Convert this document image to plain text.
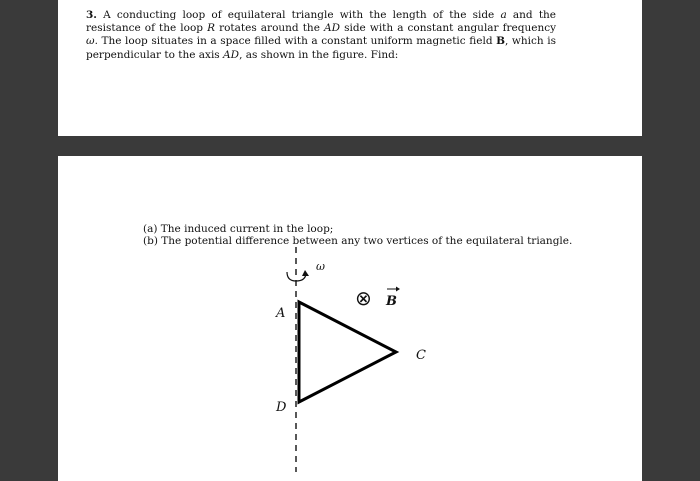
3. A conducting loop of equilateral triangle with the length of the side a and the resistance of the loop R rotates around the AD side with a constant angular frequency ω. The loop situates in a space filled with a constant uniform magnetic field B, which is perpendicular to the axis AD, as shown in the figure. Find:
(a) The induced current in the loop;
(b) The potential difference between any two vertices of the equilateral triangle.
ω
⊗ B
A
C
D
